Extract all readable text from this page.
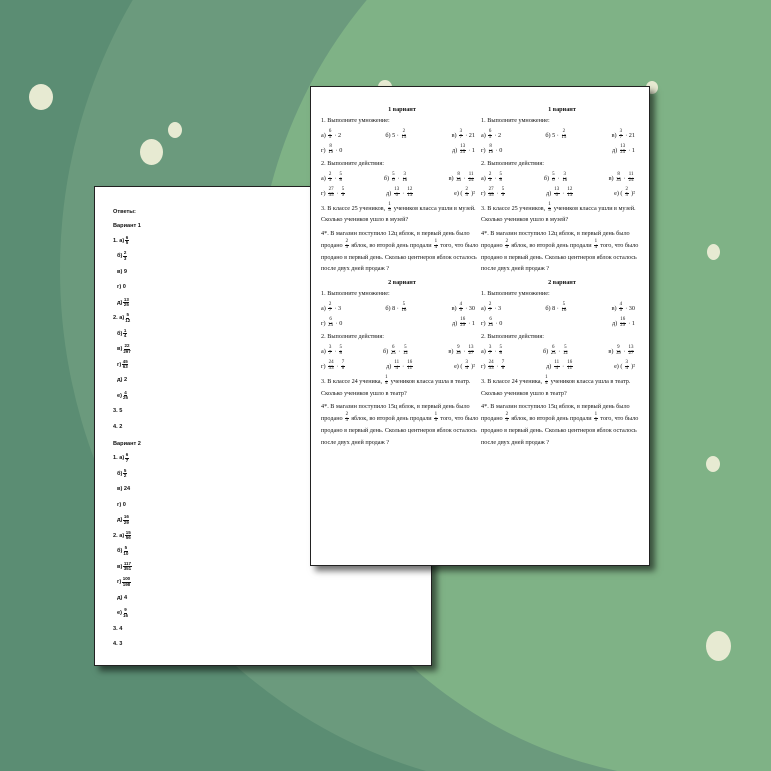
Ответы:
Вариант 1
1. $а) \frac{6}{5}$
$б) \frac{2}{3}$
в) 9
г) 0
$д) \frac{13}{25}$
2. $а) \frac{5}{12}$
$б) \frac{1}{4}$
$в) \frac{22}{297}$
$г) \frac{45}{63}$
д) 2
$е) \frac{4}{25}$
3. 5
4. 2
Вариант 2
1. $а) \frac{6}{7}$
$б) \frac{5}{2}$
в) 24
г) 0
$д) \frac{16}{29}$
2. $а) \frac{15}{56}$
$б) \frac{5}{10}$
$в) \frac{117}{351}$
$г) \frac{100}{198}$
д) 4
$е) \frac{9}{16}$
3. 4
4. 3
1 вариант
1. Выполните умножение:
$а) \frac{6}{5} \cdot 2$	б) $5 \cdot \frac{2}{15}$	$в) \frac{3}{7} \cdot 21$
$г) \frac{8}{19} \cdot 0$	$д) \frac{13}{25} \cdot 1$
2. Выполните действия:
$а) \frac{2}{3} \cdot \frac{5}{8}$	$б) \frac{5}{6} \cdot \frac{3}{10}$	$в) \frac{8}{33} \cdot \frac{11}{24}$
$г) \frac{27}{35} \cdot \frac{5}{9}$	$д) \frac{13}{6} \cdot \frac{12}{13}$	е) ( $\frac{2}{5} )^2$
3. В классе 25 учеников, $\frac{1}{5}$ учеников класса ушли в музей. Сколько учеников ушло в музей?
4*. В магазин поступило 12ц яблок, в первый день было продано $\frac{2}{3}$ яблок, во второй день продали $\frac{1}{4}$ того, что было продано в первый день. Сколько центнеров яблок осталось после двух дней продаж ?
2 вариант
1. Выполните умножение:
$а) \frac{2}{7} \cdot 3$	б) $8 \cdot \frac{5}{16}$	$в) \frac{4}{5} \cdot 30$
$г) \frac{6}{23} \cdot 0$	$д) \frac{16}{29} \cdot 1$
2. Выполните действия:
$а) \frac{3}{7} \cdot \frac{5}{8}$	$б) \frac{6}{25} \cdot \frac{5}{12}$	$в) \frac{9}{39} \cdot \frac{13}{27}$
$г) \frac{24}{33} \cdot \frac{7}{8}$	$д) \frac{11}{4} \cdot \frac{16}{11}$	е) ( $\frac{3}{4} )^2$
3. В классе 24 ученика, $\frac{1}{4}$ учеников класса ушла в театр. Сколько учеников ушло в театр?
4*. В магазин поступило 15ц яблок, в первый день было продано $\frac{2}{3}$ яблок, во второй день продали $\frac{1}{5}$ того, что было продано в первый день. Сколько центнеров яблок осталось после двух дней продаж ?
1 вариант
1. Выполните умножение:
$а) \frac{6}{5} \cdot 2$	б) $5 \cdot \frac{2}{15}$	$в) \frac{3}{7} \cdot 21$
$г) \frac{8}{19} \cdot 0$	$д) \frac{13}{25} \cdot 1$
2. Выполните действия:
$а) \frac{2}{3} \cdot \frac{5}{8}$	$б) \frac{5}{6} \cdot \frac{3}{10}$	$в) \frac{8}{33} \cdot \frac{11}{24}$
$г) \frac{27}{35} \cdot \frac{5}{9}$	$д) \frac{13}{6} \cdot \frac{12}{13}$	е) ( $\frac{2}{5} )^2$
3. В классе 25 учеников, $\frac{1}{5}$ учеников класса ушли в музей. Сколько учеников ушло в музей?
4*. В магазин поступило 12ц яблок, в первый день было продано $\frac{2}{3}$ яблок, во второй день продали $\frac{1}{4}$ того, что было продано в первый день. Сколько центнеров яблок осталось после двух дней продаж ?
2 вариант
1. Выполните умножение:
$а) \frac{2}{7} \cdot 3$	б) $8 \cdot \frac{5}{16}$	$в) \frac{4}{5} \cdot 30$
$г) \frac{6}{23} \cdot 0$	$д) \frac{16}{29} \cdot 1$
2. Выполните действия:
$а) \frac{3}{7} \cdot \frac{5}{8}$	$б) \frac{6}{25} \cdot \frac{5}{12}$	$в) \frac{9}{39} \cdot \frac{13}{27}$
$г) \frac{24}{33} \cdot \frac{7}{8}$	$д) \frac{11}{4} \cdot \frac{16}{11}$	е) ( $\frac{3}{4} )^2$
3. В классе 24 ученика, $\frac{1}{4}$ учеников класса ушла в театр. Сколько учеников ушло в театр?
4*. В магазин поступило 15ц яблок, в первый день было продано $\frac{2}{3}$ яблок, во второй день продали $\frac{1}{5}$ того, что было продано в первый день. Сколько центнеров яблок осталось после двух дней продаж ?
